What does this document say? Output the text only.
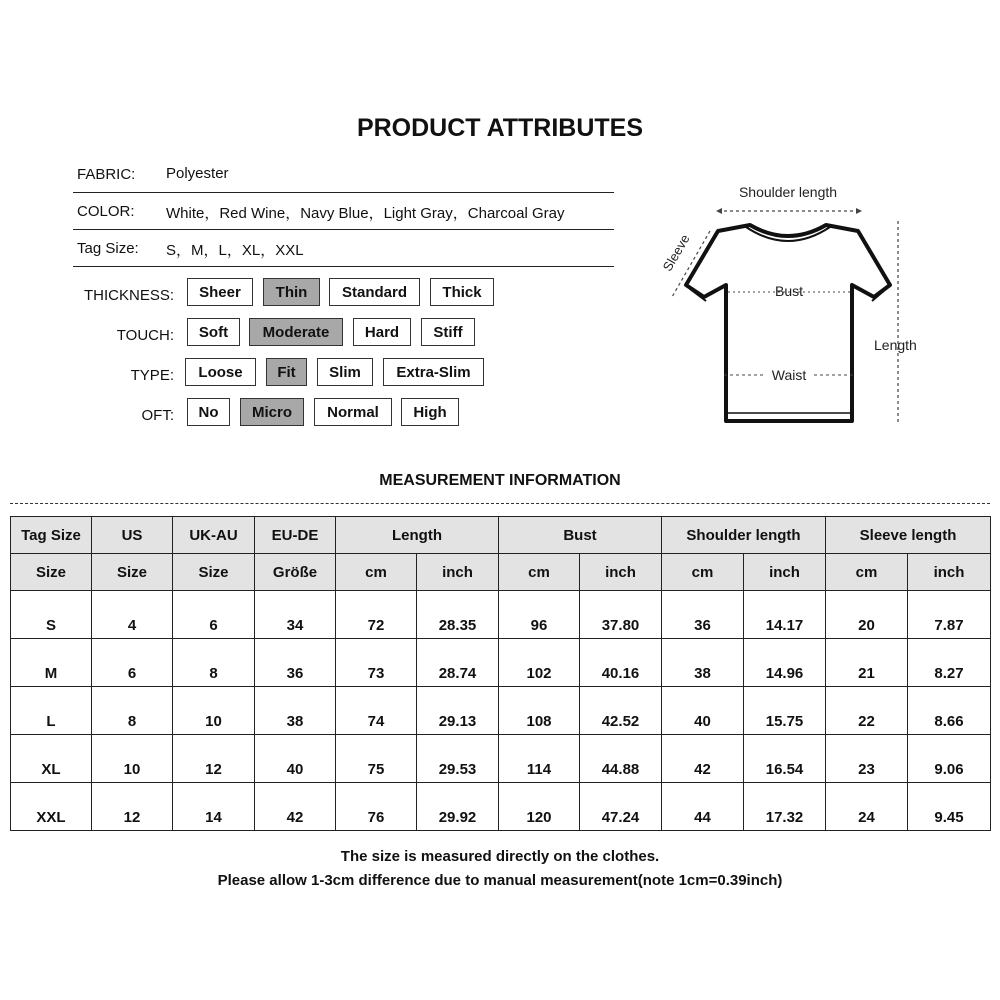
PRODUCT ATTRIBUTES
FABRIC: Polyester
COLOR: White，Red Wine，Navy Blue，Light Gray，Charcoal Gray
Tag Size: S，M，L，XL，XXL
THICKNESS:	Sheer	Thin	Standard	Thick
TOUCH:	Soft	Moderate	Hard	Stiff
TYPE:	Loose	Fit	Slim	Extra-Slim
OFT:	No	Micro	Normal	High
Shoulder length
Sleeve
Bust
Waist
Length
MEASUREMENT INFORMATION
Tag Size	US	UK-AU	EU-DE	Length		Bust		Shoulder length		Sleeve length	
Size	Size	Size	Größe	cm	inch	cm	inch	cm	inch	cm	inch
S	4	6	34	72	28.35	96	37.80	36	14.17	20	7.87
M	6	8	36	73	28.74	102	40.16	38	14.96	21	8.27
L	8	10	38	74	29.13	108	42.52	40	15.75	22	8.66
XL	10	12	40	75	29.53	114	44.88	42	16.54	23	9.06
XXL	12	14	42	76	29.92	120	47.24	44	17.32	24	9.45
The size is measured directly on the clothes.
Please allow 1-3cm difference due to manual measurement(note 1cm=0.39inch)
